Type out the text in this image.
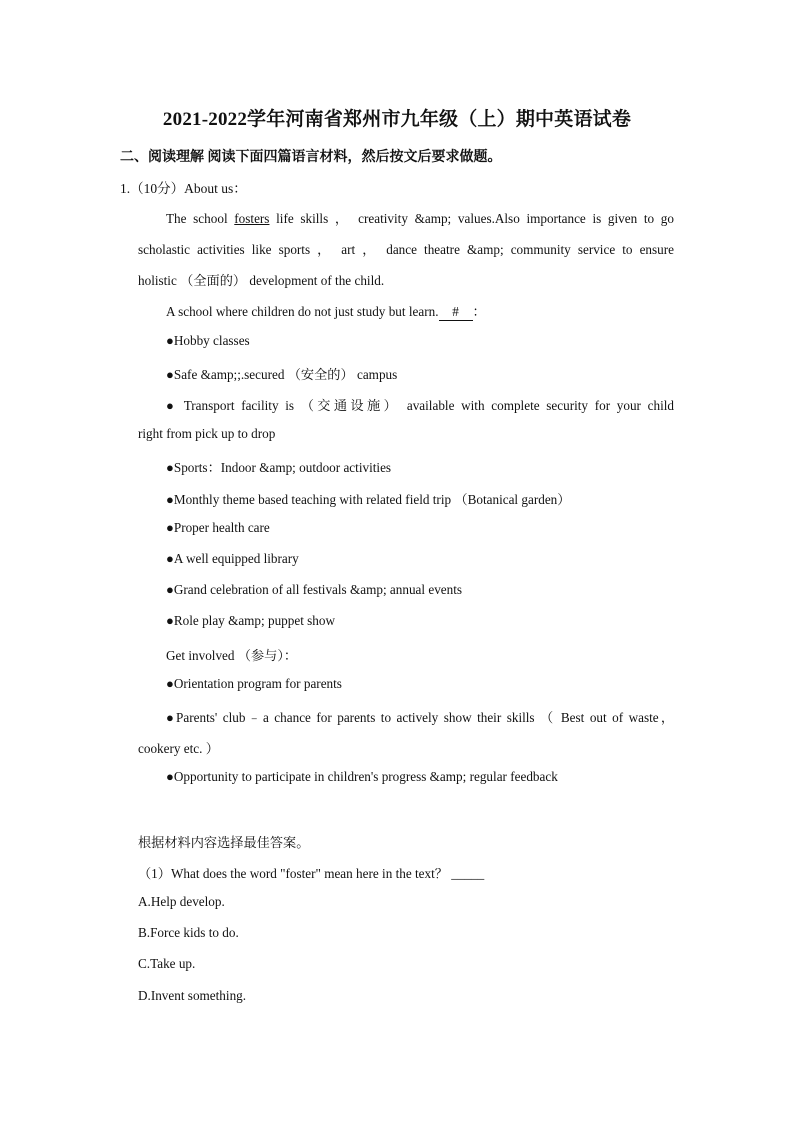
2021-2022学年河南省郑州市九年级（上）期中英语试卷
二、阅读理解 阅读下面四篇语言材料，然后按文后要求做题。
1.（10分）About us：
The school fosters life skills ， creativity &amp; values.Also importance is given to go
scholastic activities like sports ， art ， dance theatre &amp; community service to ensure
holistic （全面的） development of the child.
A school where children do not just study but learn. # ：
●Hobby classes
●Safe &amp;;.secured （安全的） campus
● Transport facility is （交通设施） available with complete security for your child
right from pick up to drop
●Sports：Indoor &amp; outdoor activities
●Monthly theme based teaching with related field trip （Botanical garden）
●Proper health care
●A well equipped library
●Grand celebration of all festivals &amp; annual events
●Role play &amp; puppet show
Get involved （参与）：
●Orientation program for parents
●Parents' club﹣a chance for parents to actively show their skills （ Best out of waste，
cookery etc. ）
●Opportunity to participate in children's progress &amp; regular feedback
根据材料内容选择最佳答案。
（1）What does the word "foster" mean here in the text？ _____
A.Help develop.
B.Force kids to do.
C.Take up.
D.Invent something.
